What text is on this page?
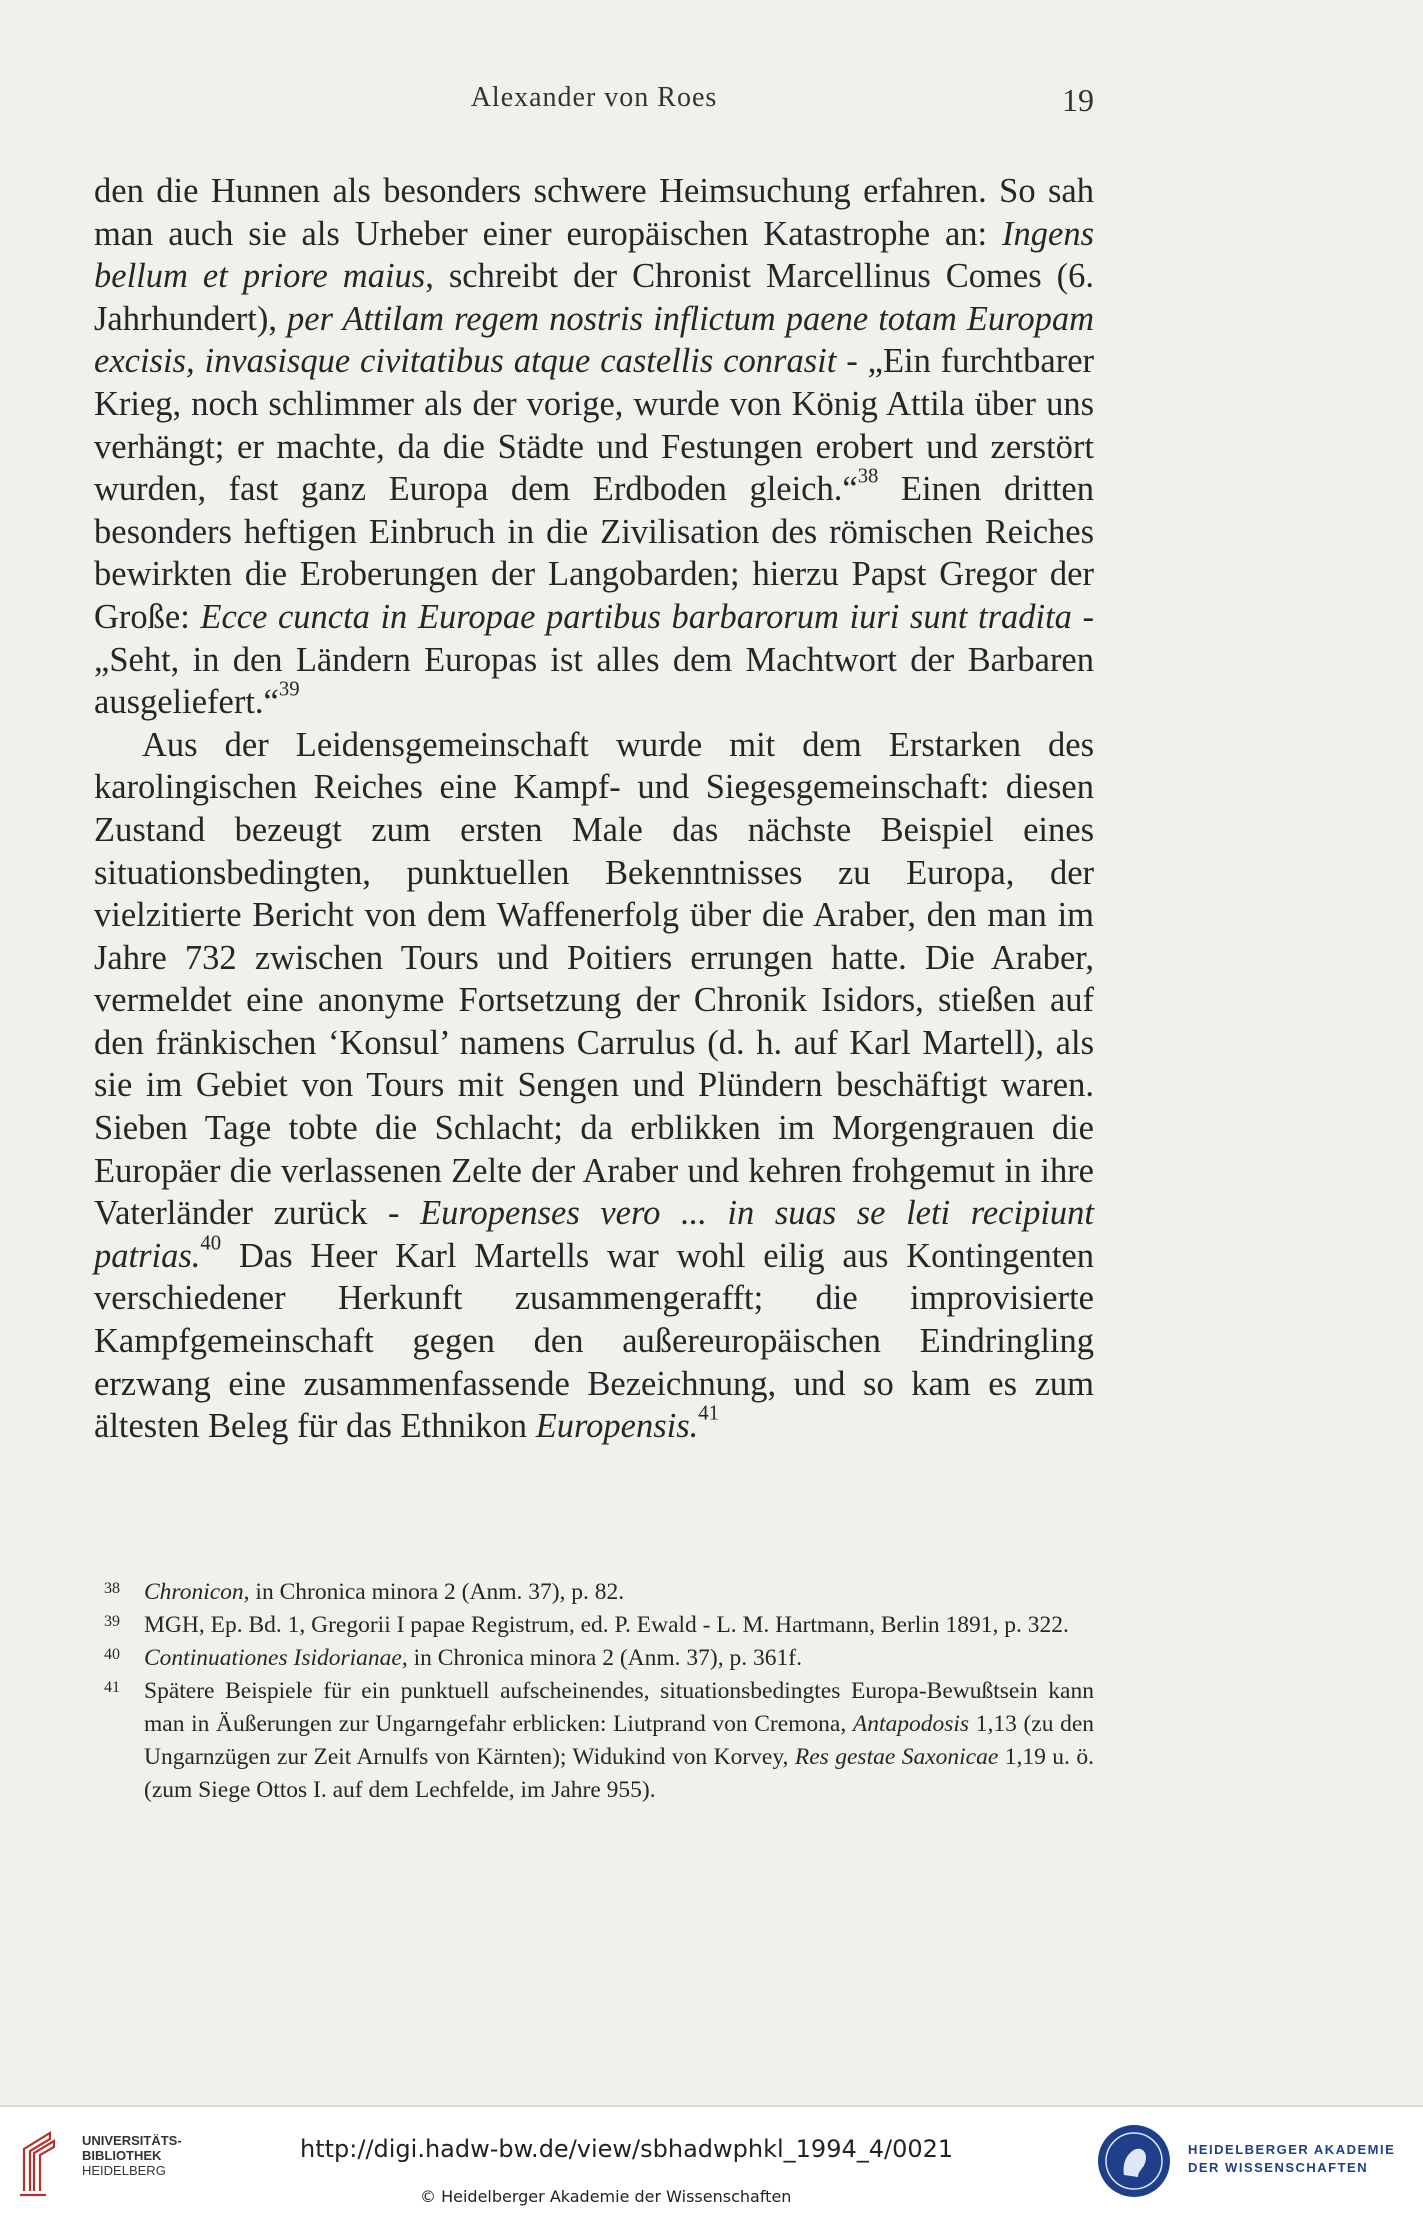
Alexander von Roes	19

den die Hunnen als besonders schwere Heimsuchung erfahren. So sah man auch sie als Urheber einer europäischen Katastrophe an: Ingens bellum et priore maius, schreibt der Chronist Marcellinus Comes (6. Jahrhundert), per Attilam regem nostris inflictum paene totam Europam excisis, invasisque civitatibus atque castellis conrasit - „Ein furchtbarer Krieg, noch schlimmer als der vorige, wurde von König Attila über uns verhängt; er machte, da die Städte und Festungen erobert und zerstört wurden, fast ganz Europa dem Erdboden gleich.“$^{38}$ Einen dritten besonders heftigen Einbruch in die Zivilisation des römischen Reiches bewirkten die Eroberungen der Langobarden; hierzu Papst Gregor der Große: Ecce cuncta in Europae partibus barbarorum iuri sunt tradita - „Seht, in den Ländern Europas ist alles dem Machtwort der Barbaren ausgeliefert.“$^{39}$

Aus der Leidensgemeinschaft wurde mit dem Erstarken des karolingischen Reiches eine Kampf- und Siegesgemeinschaft: diesen Zustand bezeugt zum ersten Male das nächste Beispiel eines situationsbedingten, punktuellen Bekenntnisses zu Europa, der vielzitierte Bericht von dem Waffenerfolg über die Araber, den man im Jahre 732 zwischen Tours und Poitiers errungen hatte. Die Araber, vermeldet eine anonyme Fortsetzung der Chronik Isidors, stießen auf den fränkischen ‘Konsul’ namens Carrulus (d. h. auf Karl Martell), als sie im Gebiet von Tours mit Sengen und Plündern beschäftigt waren. Sieben Tage tobte die Schlacht; da erblikken im Morgengrauen die Europäer die verlassenen Zelte der Araber und kehren frohgemut in ihre Vaterländer zurück - Europenses vero ... in suas se leti recipiunt patrias.$^{40}$ Das Heer Karl Martells war wohl eilig aus Kontingenten verschiedener Herkunft zusammengerafft; die improvisierte Kampfgemeinschaft gegen den außereuropäischen Eindringling erzwang eine zusammenfassende Bezeichnung, und so kam es zum ältesten Beleg für das Ethnikon Europensis.$^{41}$

38 Chronicon, in Chronica minora 2 (Anm. 37), p. 82.

39 MGH, Ep. Bd. 1, Gregorii I papae Registrum, ed. P. Ewald - L. M. Hartmann, Berlin 1891, p. 322.

40 Continuationes Isidorianae, in Chronica minora 2 (Anm. 37), p. 361f.

41 Spätere Beispiele für ein punktuell aufscheinendes, situationsbedingtes Europa-Bewußtsein kann man in Äußerungen zur Ungarngefahr erblicken: Liutprand von Cremona, Antapodosis 1,13 (zu den Ungarnzügen zur Zeit Arnulfs von Kärnten); Widukind von Korvey, Res gestae Saxonicae 1,19 u. ö. (zum Siege Ottos I. auf dem Lechfelde, im Jahre 955).

UNIVERSITÄTS-
BIBLIOTHEK
HEIDELBERG
http://digi.hadw-bw.de/view/sbhadwphkl_1994_4/0021
© Heidelberger Akademie der Wissenschaften
HEIDELBERGER AKADEMIE
DER WISSENSCHAFTEN
